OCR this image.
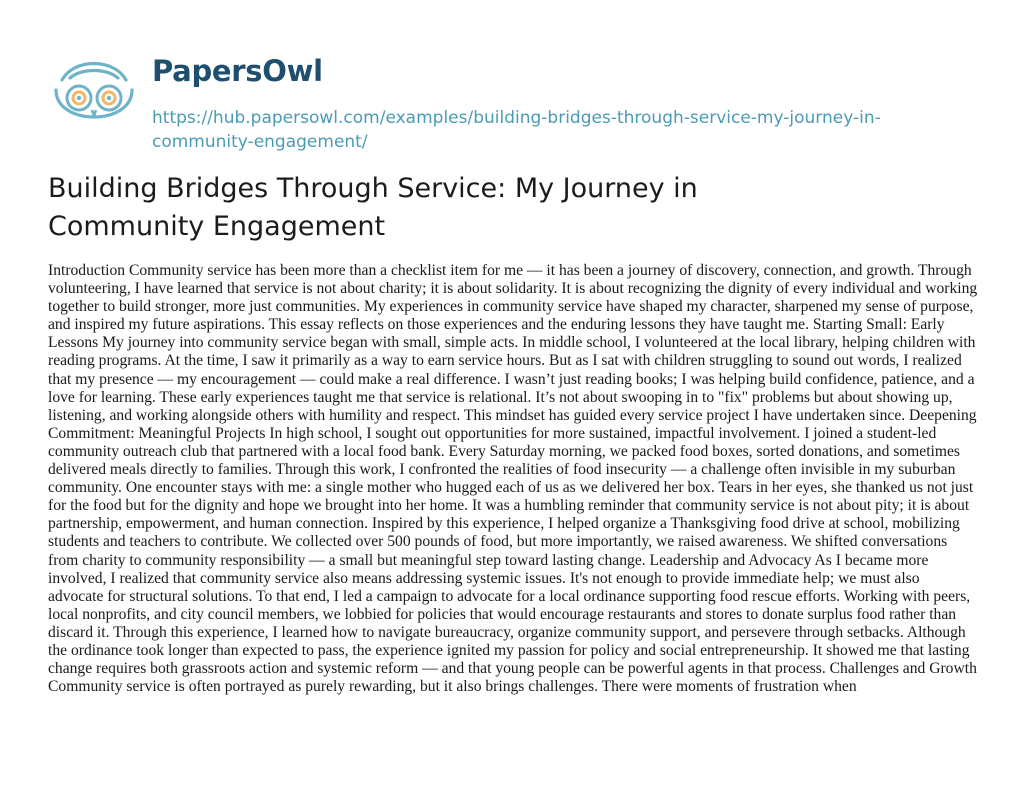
PapersOwl
https://hub.papersowl.com/examples/building-bridges-through-service-my-journey-in-community-engagement/
Building Bridges Through Service: My Journey in Community Engagement

Introduction Community service has been more than a checklist item for me — it has been a journey of discovery, connection, and growth. Through volunteering, I have learned that service is not about charity; it is about solidarity. It is about recognizing the dignity of every individual and working together to build stronger, more just communities. My experiences in community service have shaped my character, sharpened my sense of purpose, and inspired my future aspirations. This essay reflects on those experiences and the enduring lessons they have taught me. Starting Small: Early Lessons My journey into community service began with small, simple acts. In middle school, I volunteered at the local library, helping children with reading programs. At the time, I saw it primarily as a way to earn service hours. But as I sat with children struggling to sound out words, I realized that my presence — my encouragement — could make a real difference. I wasn’t just reading books; I was helping build confidence, patience, and a love for learning. These early experiences taught me that service is relational. It’s not about swooping in to "fix" problems but about showing up, listening, and working alongside others with humility and respect. This mindset has guided every service project I have undertaken since. Deepening Commitment: Meaningful Projects In high school, I sought out opportunities for more sustained, impactful involvement. I joined a student-led community outreach club that partnered with a local food bank. Every Saturday morning, we packed food boxes, sorted donations, and sometimes delivered meals directly to families. Through this work, I confronted the realities of food insecurity — a challenge often invisible in my suburban community. One encounter stays with me: a single mother who hugged each of us as we delivered her box. Tears in her eyes, she thanked us not just for the food but for the dignity and hope we brought into her home. It was a humbling reminder that community service is not about pity; it is about partnership, empowerment, and human connection. Inspired by this experience, I helped organize a Thanksgiving food drive at school, mobilizing students and teachers to contribute. We collected over 500 pounds of food, but more importantly, we raised awareness. We shifted conversations from charity to community responsibility — a small but meaningful step toward lasting change. Leadership and Advocacy As I became more involved, I realized that community service also means addressing systemic issues. It's not enough to provide immediate help; we must also advocate for structural solutions. To that end, I led a campaign to advocate for a local ordinance supporting food rescue efforts. Working with peers, local nonprofits, and city council members, we lobbied for policies that would encourage restaurants and stores to donate surplus food rather than discard it. Through this experience, I learned how to navigate bureaucracy, organize community support, and persevere through setbacks. Although the ordinance took longer than expected to pass, the experience ignited my passion for policy and social entrepreneurship. It showed me that lasting change requires both grassroots action and systemic reform — and that young people can be powerful agents in that process. Challenges and Growth Community service is often portrayed as purely rewarding, but it also brings challenges. There were moments of frustration when
